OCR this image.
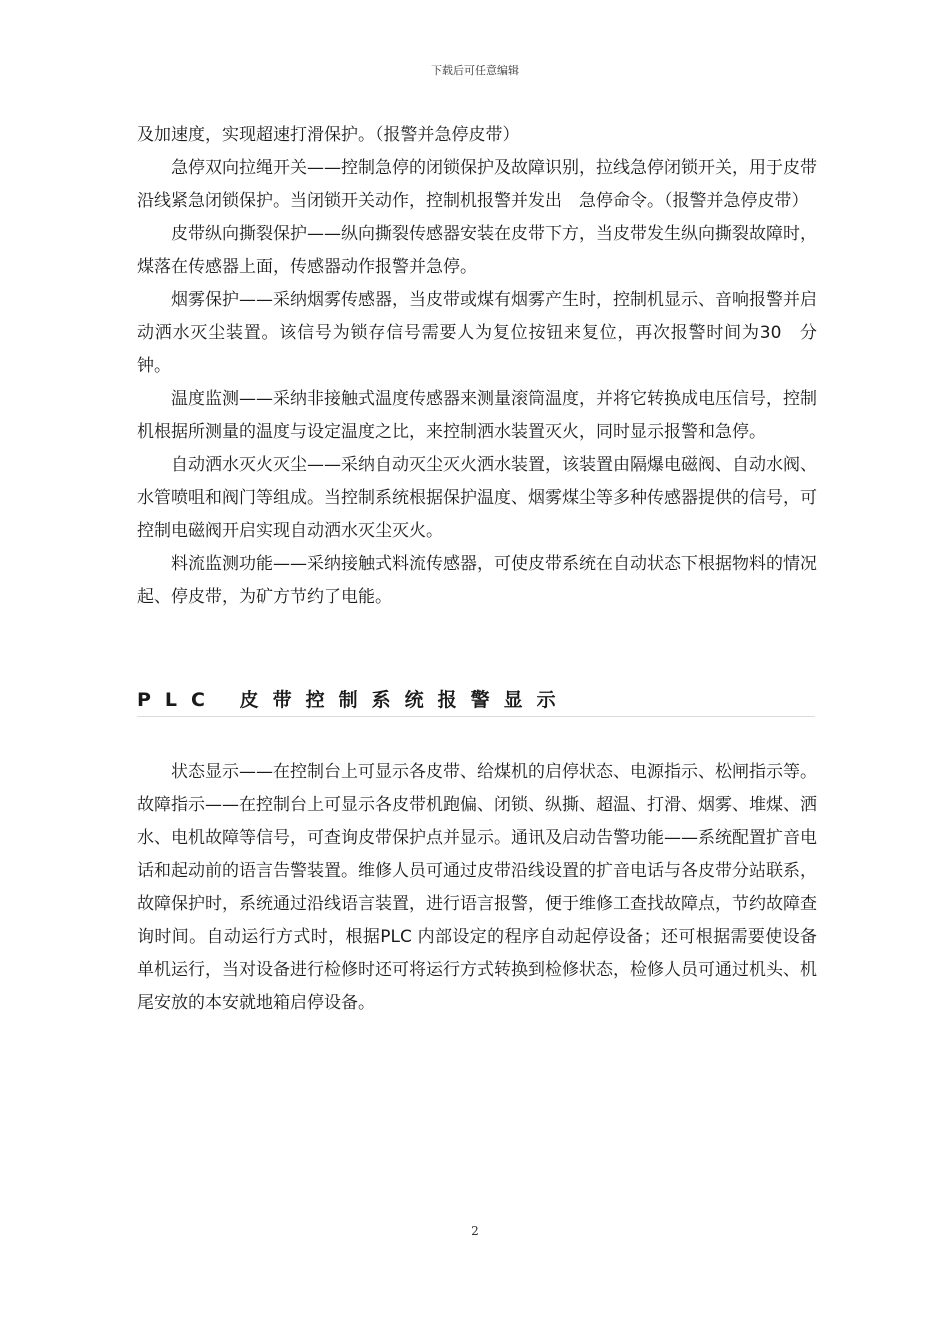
下载后可任意编辑

及加速度，实现超速打滑保护。（报警并急停皮带）

急停双向拉绳开关——控制急停的闭锁保护及故障识别，拉线急停闭锁开关，用于皮带沿线紧急闭锁保护。当闭锁开关动作，控制机报警并发出　急停命令。（报警并急停皮带）

皮带纵向撕裂保护——纵向撕裂传感器安装在皮带下方，当皮带发生纵向撕裂故障时，煤落在传感器上面，传感器动作报警并急停。

烟雾保护——采纳烟雾传感器，当皮带或煤有烟雾产生时，控制机显示、音响报警并启动洒水灭尘装置。该信号为锁存信号需要人为复位按钮来复位，再次报警时间为30　分钟。

温度监测——采纳非接触式温度传感器来测量滚筒温度，并将它转换成电压信号，控制机根据所测量的温度与设定温度之比，来控制洒水装置灭火，同时显示报警和急停。

自动洒水灭火灭尘——采纳自动灭尘灭火洒水装置，该装置由隔爆电磁阀、自动水阀、水管喷咀和阀门等组成。当控制系统根据保护温度、烟雾煤尘等多种传感器提供的信号，可控制电磁阀开启实现自动洒水灭尘灭火。

料流监测功能——采纳接触式料流传感器，可使皮带系统在自动状态下根据物料的情况起、停皮带，为矿方节约了电能。

PLC 皮带控制系统报警显示

状态显示——在控制台上可显示各皮带、给煤机的启停状态、电源指示、松闸指示等。故障指示——在控制台上可显示各皮带机跑偏、闭锁、纵撕、超温、打滑、烟雾、堆煤、洒水、电机故障等信号，可查询皮带保护点并显示。通讯及启动告警功能——系统配置扩音电话和起动前的语言告警装置。维修人员可通过皮带沿线设置的扩音电话与各皮带分站联系，故障保护时，系统通过沿线语言装置，进行语言报警，便于维修工查找故障点，节约故障查询时间。自动运行方式时，根据PLC 内部设定的程序自动起停设备；还可根据需要使设备单机运行，当对设备进行检修时还可将运行方式转换到检修状态，检修人员可通过机头、机尾安放的本安就地箱启停设备。

2
